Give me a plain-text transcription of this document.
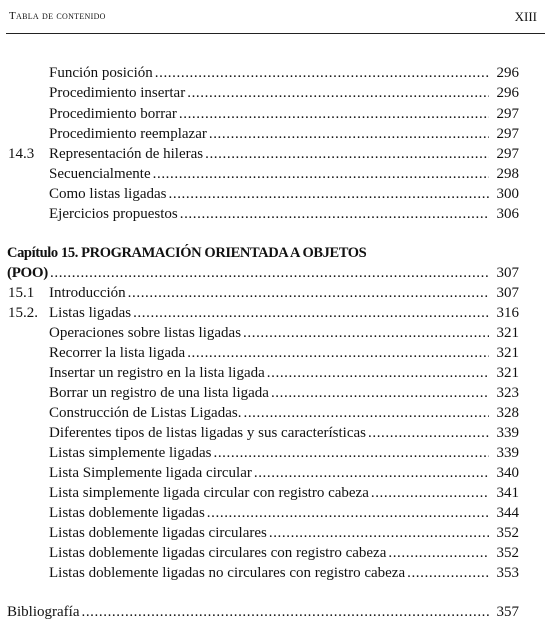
Tabla de contenido	XIII
Función posición .....	296
Procedimiento insertar .....	296
Procedimiento borrar .....	297
Procedimiento reemplazar .....	297
14.3 Representación de hileras .....	297
Secuencialmente .....	298
Como listas ligadas .....	300
Ejercicios propuestos .....	306
Capítulo 15. PROGRAMACIÓN ORIENTADA A OBJETOS
(POO) .....	307
15.1 Introducción .....	307
15.2. Listas ligadas .....	316
Operaciones sobre listas ligadas .....	321
Recorrer la lista ligada .....	321
Insertar un registro en la lista ligada .....	321
Borrar un registro de una lista ligada .....	323
Construcción de Listas Ligadas. .....	328
Diferentes tipos de listas ligadas y sus características .....	339
Listas simplemente ligadas .....	339
Lista Simplemente ligada circular .....	340
Lista simplemente ligada circular con registro cabeza .....	341
Listas doblemente ligadas .....	344
Listas doblemente ligadas circulares .....	352
Listas doblemente ligadas circulares con registro cabeza .....	352
Listas doblemente ligadas no circulares con registro cabeza .....	353
Bibliografía .....	357
